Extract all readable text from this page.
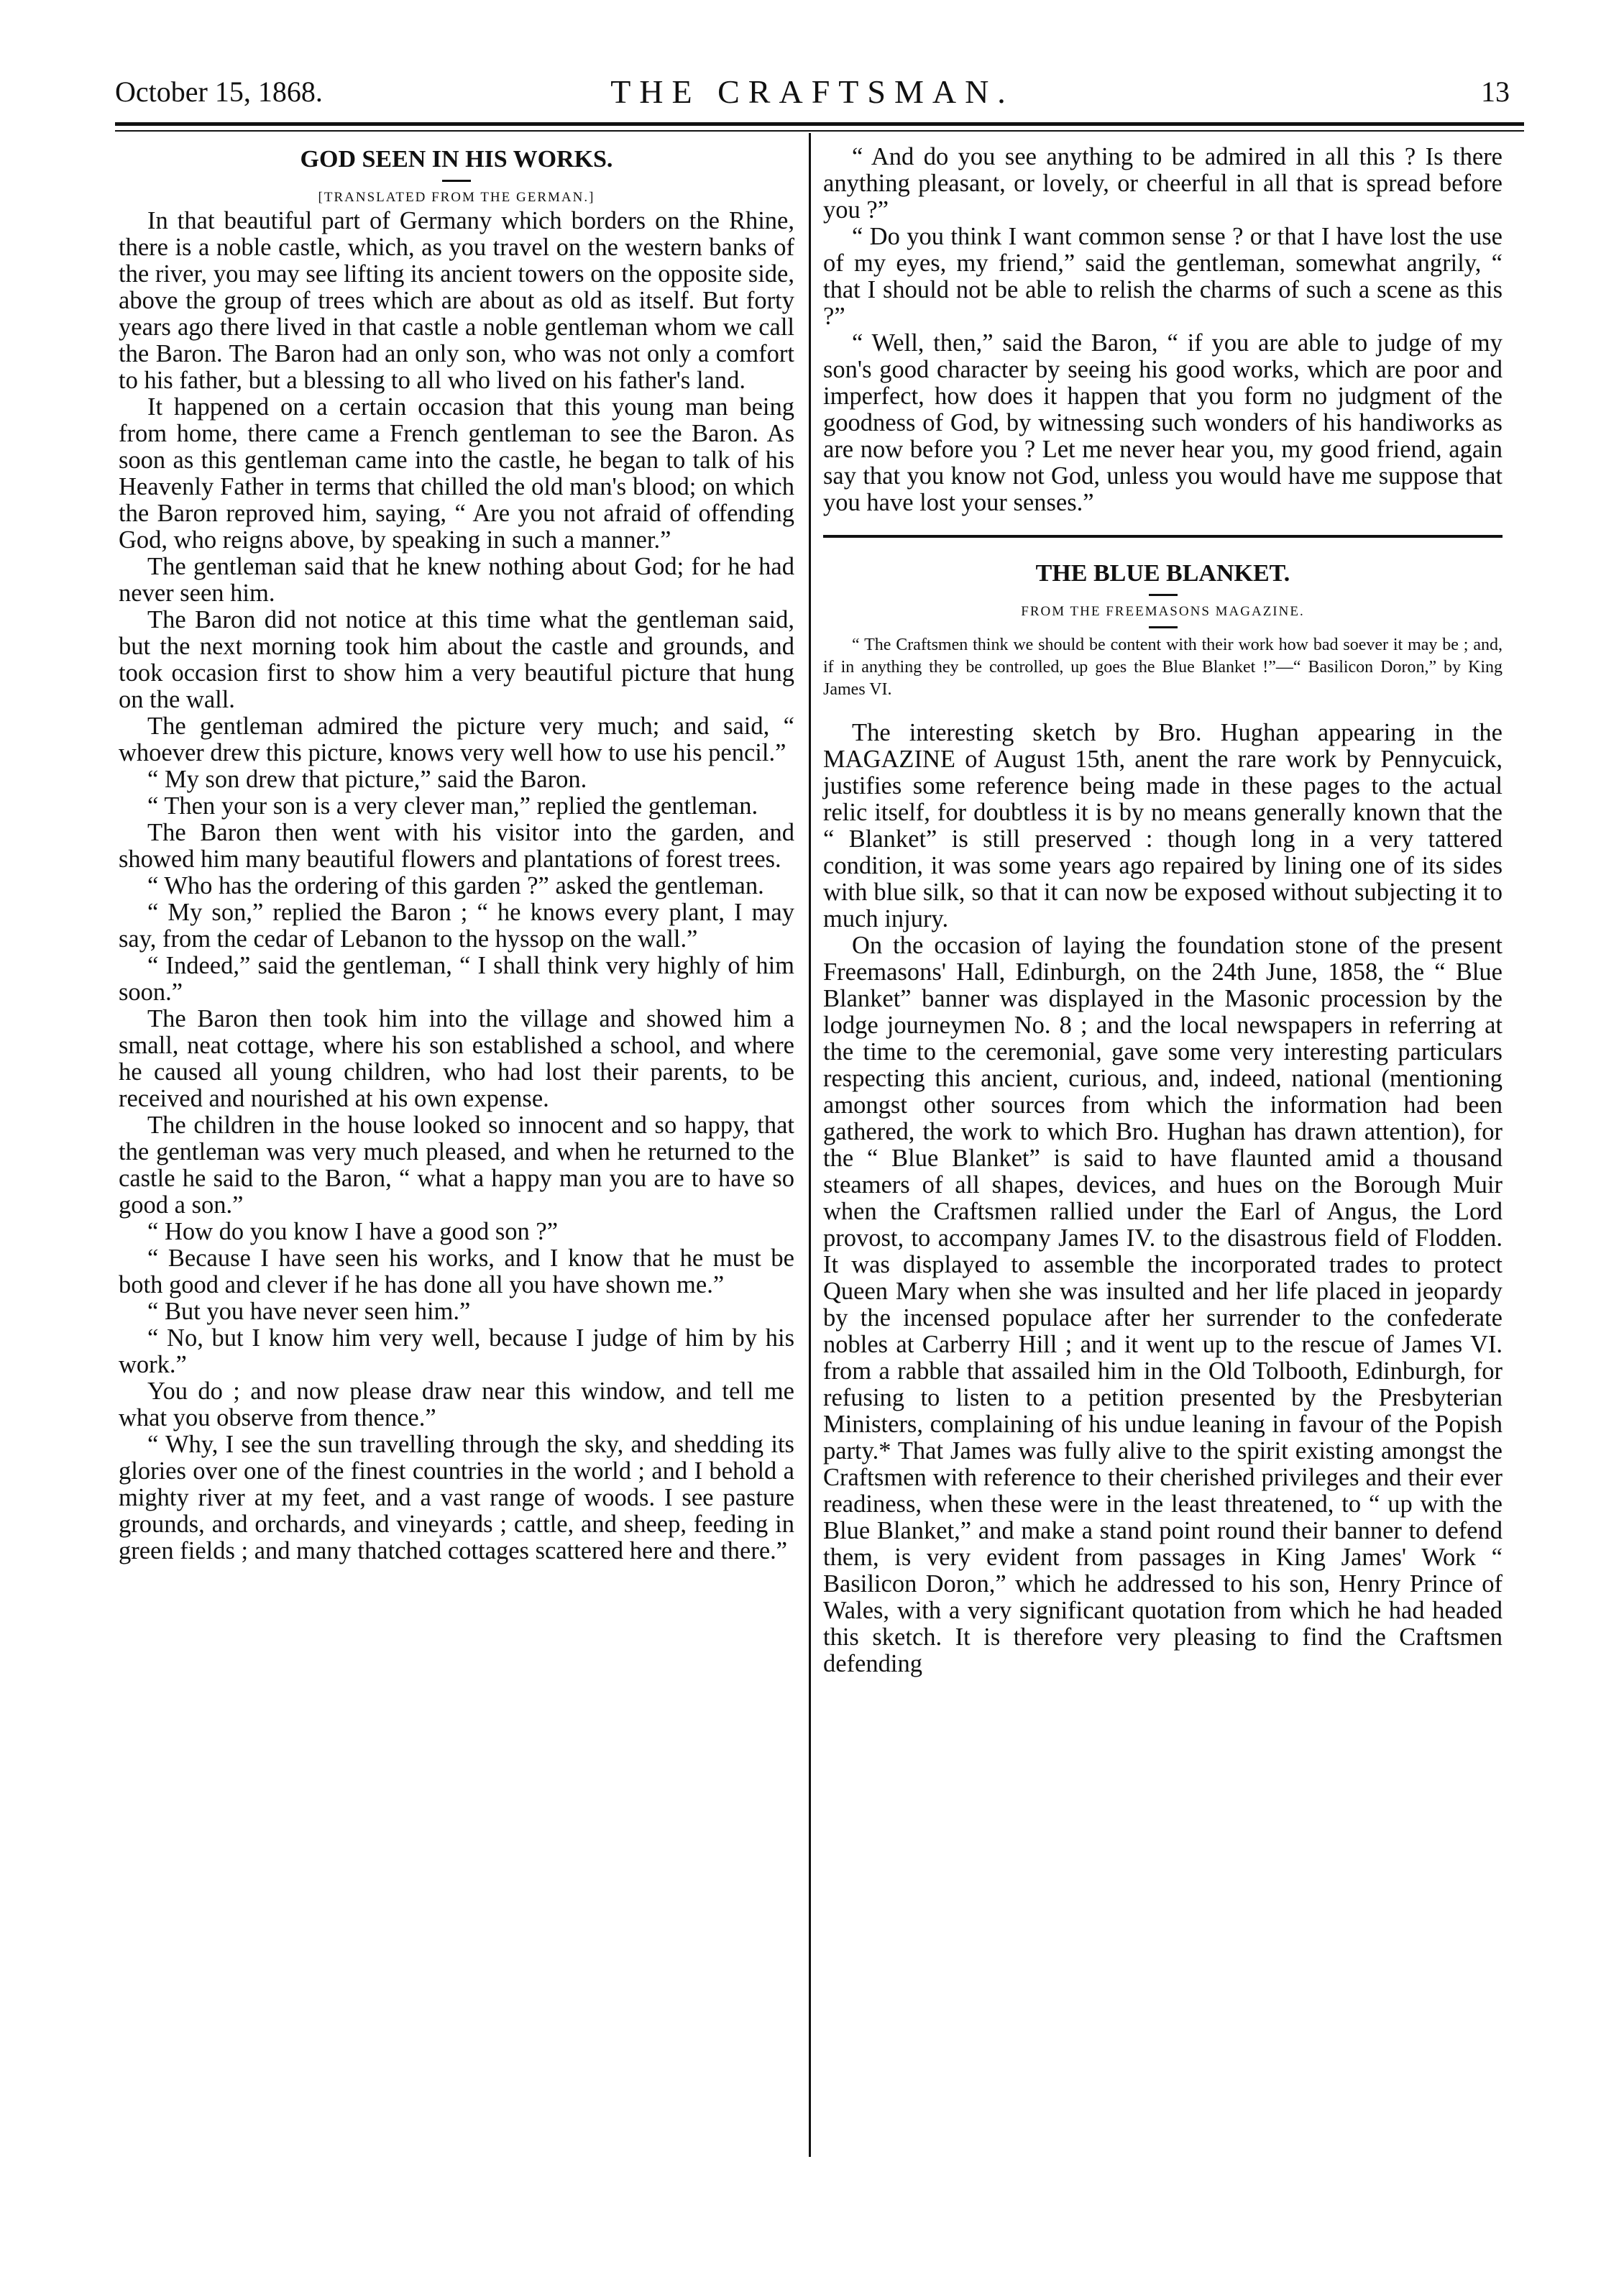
October 15, 1868.	THE CRAFTSMAN.	13

GOD SEEN IN HIS WORKS.

[TRANSLATED FROM THE GERMAN.]

In that beautiful part of Germany which borders on the Rhine, there is a noble castle, which, as you travel on the western banks of the river, you may see lifting its ancient towers on the opposite side, above the group of trees which are about as old as itself. But forty years ago there lived in that castle a noble gentleman whom we call the Baron. The Baron had an only son, who was not only a comfort to his father, but a blessing to all who lived on his father's land.

It happened on a certain occasion that this young man being from home, there came a French gentleman to see the Baron. As soon as this gentleman came into the castle, he began to talk of his Heavenly Father in terms that chilled the old man's blood; on which the Baron reproved him, saying, “ Are you not afraid of offending God, who reigns above, by speaking in such a manner.”

The gentleman said that he knew nothing about God; for he had never seen him.

The Baron did not notice at this time what the gentleman said, but the next morning took him about the castle and grounds, and took occasion first to show him a very beautiful picture that hung on the wall.

The gentleman admired the picture very much; and said, “ whoever drew this picture, knows very well how to use his pencil.”

“ My son drew that picture,” said the Baron.

“ Then your son is a very clever man,” replied the gentleman.

The Baron then went with his visitor into the garden, and showed him many beautiful flowers and plantations of forest trees.

“ Who has the ordering of this garden ?” asked the gentleman.

“ My son,” replied the Baron ; “ he knows every plant, I may say, from the cedar of Lebanon to the hyssop on the wall.”

“ Indeed,” said the gentleman, “ I shall think very highly of him soon.”

The Baron then took him into the village and showed him a small, neat cottage, where his son established a school, and where he caused all young children, who had lost their parents, to be received and nourished at his own expense.

The children in the house looked so innocent and so happy, that the gentleman was very much pleased, and when he returned to the castle he said to the Baron, “ what a happy man you are to have so good a son.”

“ How do you know I have a good son ?”

“ Because I have seen his works, and I know that he must be both good and clever if he has done all you have shown me.”

“ But you have never seen him.”

“ No, but I know him very well, because I judge of him by his work.”

You do ; and now please draw near this window, and tell me what you observe from thence.”

“ Why, I see the sun travelling through the sky, and shedding its glories over one of the finest countries in the world ; and I behold a mighty river at my feet, and a vast range of woods. I see pasture grounds, and orchards, and vineyards ; cattle, and sheep, feeding in green fields ; and many thatched cottages scattered here and there.”

“ And do you see anything to be admired in all this ? Is there anything pleasant, or lovely, or cheerful in all that is spread before you ?”

“ Do you think I want common sense ? or that I have lost the use of my eyes, my friend,” said the gentleman, somewhat angrily, “ that I should not be able to relish the charms of such a scene as this ?”

“ Well, then,” said the Baron, “ if you are able to judge of my son's good character by seeing his good works, which are poor and imperfect, how does it happen that you form no judgment of the goodness of God, by witnessing such wonders of his handiworks as are now before you ? Let me never hear you, my good friend, again say that you know not God, unless you would have me suppose that you have lost your senses.”

THE BLUE BLANKET.

FROM THE FREEMASONS MAGAZINE.

“ The Craftsmen think we should be content with their work how bad soever it may be ; and, if in anything they be controlled, up goes the Blue Blanket !”—“ Basilicon Doron,” by King James VI.

The interesting sketch by Bro. Hughan appearing in the MAGAZINE of August 15th, anent the rare work by Pennycuick, justifies some reference being made in these pages to the actual relic itself, for doubtless it is by no means generally known that the “ Blanket” is still preserved : though long in a very tattered condition, it was some years ago repaired by lining one of its sides with blue silk, so that it can now be exposed without subjecting it to much injury.

On the occasion of laying the foundation stone of the present Freemasons' Hall, Edinburgh, on the 24th June, 1858, the “ Blue Blanket” banner was displayed in the Masonic procession by the lodge journeymen No. 8 ; and the local newspapers in referring at the time to the ceremonial, gave some very interesting particulars respecting this ancient, curious, and, indeed, national (mentioning amongst other sources from which the information had been gathered, the work to which Bro. Hughan has drawn attention), for the “ Blue Blanket” is said to have flaunted amid a thousand steamers of all shapes, devices, and hues on the Borough Muir when the Craftsmen rallied under the Earl of Angus, the Lord provost, to accompany James IV. to the disastrous field of Flodden. It was displayed to assemble the incorporated trades to protect Queen Mary when she was insulted and her life placed in jeopardy by the incensed populace after her surrender to the confederate nobles at Carberry Hill ; and it went up to the rescue of James VI. from a rabble that assailed him in the Old Tolbooth, Edinburgh, for refusing to listen to a petition presented by the Presbyterian Ministers, complaining of his undue leaning in favour of the Popish party.* That James was fully alive to the spirit existing amongst the Craftsmen with reference to their cherished privileges and their ever readiness, when these were in the least threatened, to “ up with the Blue Blanket,” and make a stand point round their banner to defend them, is very evident from passages in King James' Work “ Basilicon Doron,” which he addressed to his son, Henry Prince of Wales, with a very significant quotation from which he had headed this sketch. It is therefore very pleasing to find the Craftsmen defending
